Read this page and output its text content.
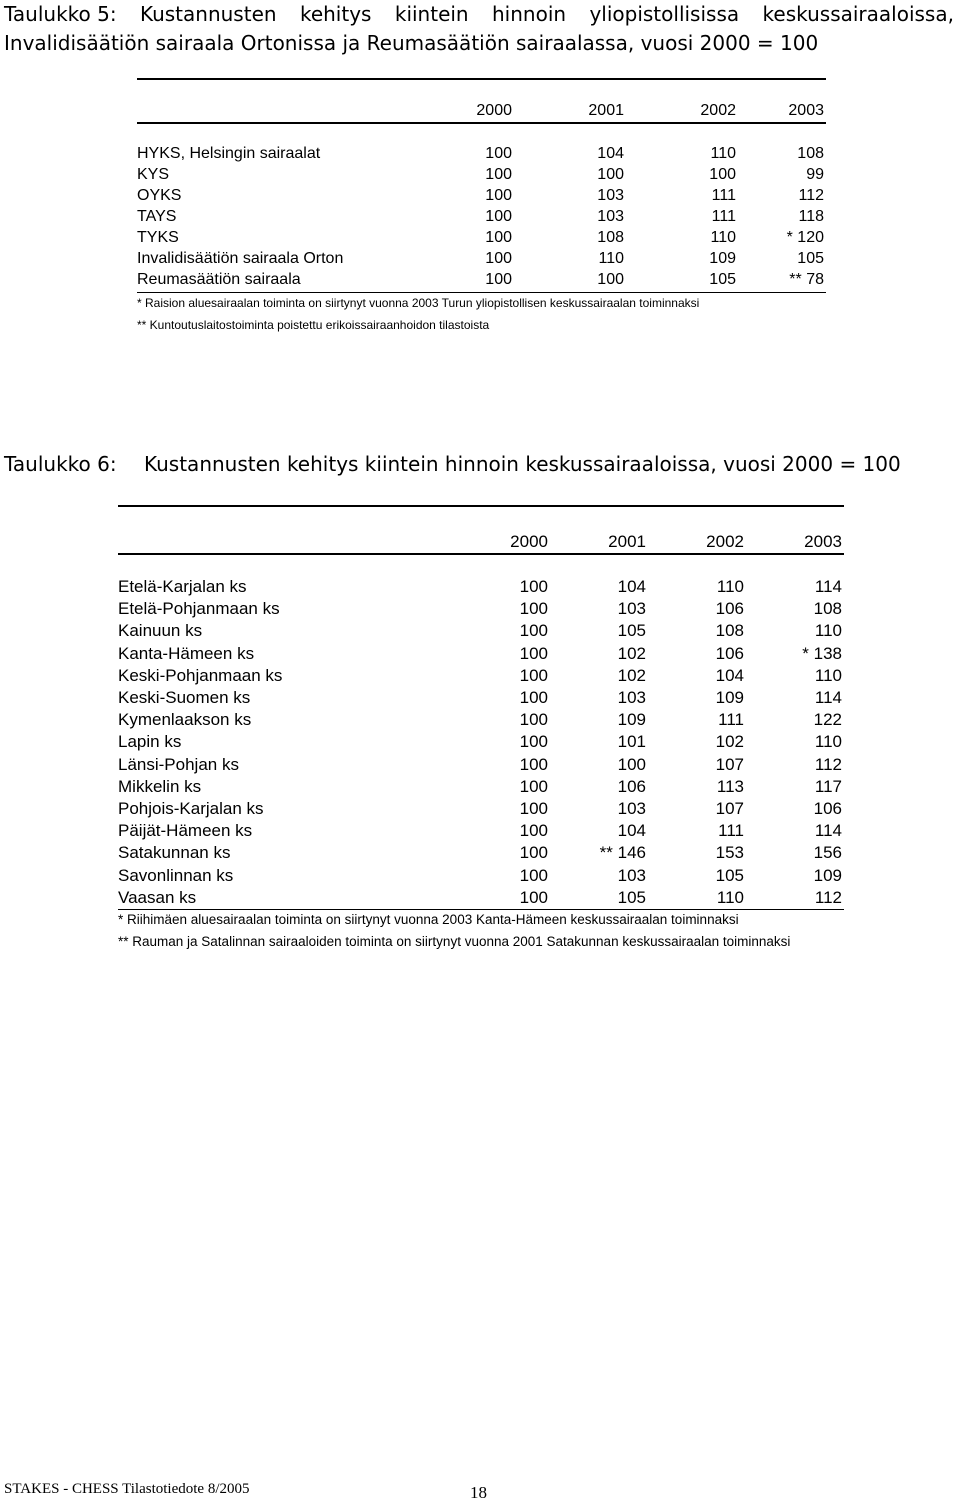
Taulukko 5: Kustannusten kehitys kiintein hinnoin yliopistollisissa keskussairaaloissa,
Invalidisäätiön sairaala Ortonissa ja Reumasäätiön sairaalassa, vuosi 2000 = 100
	2000	2001	2002	2003
HYKS, Helsingin sairaalat	100	104	110	108
KYS	100	100	100	99
OYKS	100	103	111	112
TAYS	100	103	111	118
TYKS	100	108	110	* 120
Invalidisäätiön sairaala Orton	100	110	109	105
Reumasäätiön sairaala	100	100	105	** 78
* Raision aluesairaalan toiminta on siirtynyt vuonna 2003 Turun yliopistollisen keskussairaalan toiminnaksi
** Kuntoutuslaitostoiminta poistettu erikoissairaanhoidon tilastoista
Taulukko 6: Kustannusten kehitys kiintein hinnoin keskussairaaloissa, vuosi 2000 = 100
	2000	2001	2002	2003
Etelä-Karjalan ks	100	104	110	114
Etelä-Pohjanmaan ks	100	103	106	108
Kainuun ks	100	105	108	110
Kanta-Hämeen ks	100	102	106	* 138
Keski-Pohjanmaan ks	100	102	104	110
Keski-Suomen ks	100	103	109	114
Kymenlaakson ks	100	109	111	122
Lapin ks	100	101	102	110
Länsi-Pohjan ks	100	100	107	112
Mikkelin ks	100	106	113	117
Pohjois-Karjalan ks	100	103	107	106
Päijät-Hämeen ks	100	104	111	114
Satakunnan ks	100	** 146	153	156
Savonlinnan ks	100	103	105	109
Vaasan ks	100	105	110	112
* Riihimäen aluesairaalan toiminta on siirtynyt vuonna 2003 Kanta-Hämeen keskussairaalan toiminnaksi
** Rauman ja Satalinnan sairaaloiden toiminta on siirtynyt vuonna 2001 Satakunnan keskussairaalan toiminnaksi
STAKES - CHESS Tilastotiedote 8/2005	18
